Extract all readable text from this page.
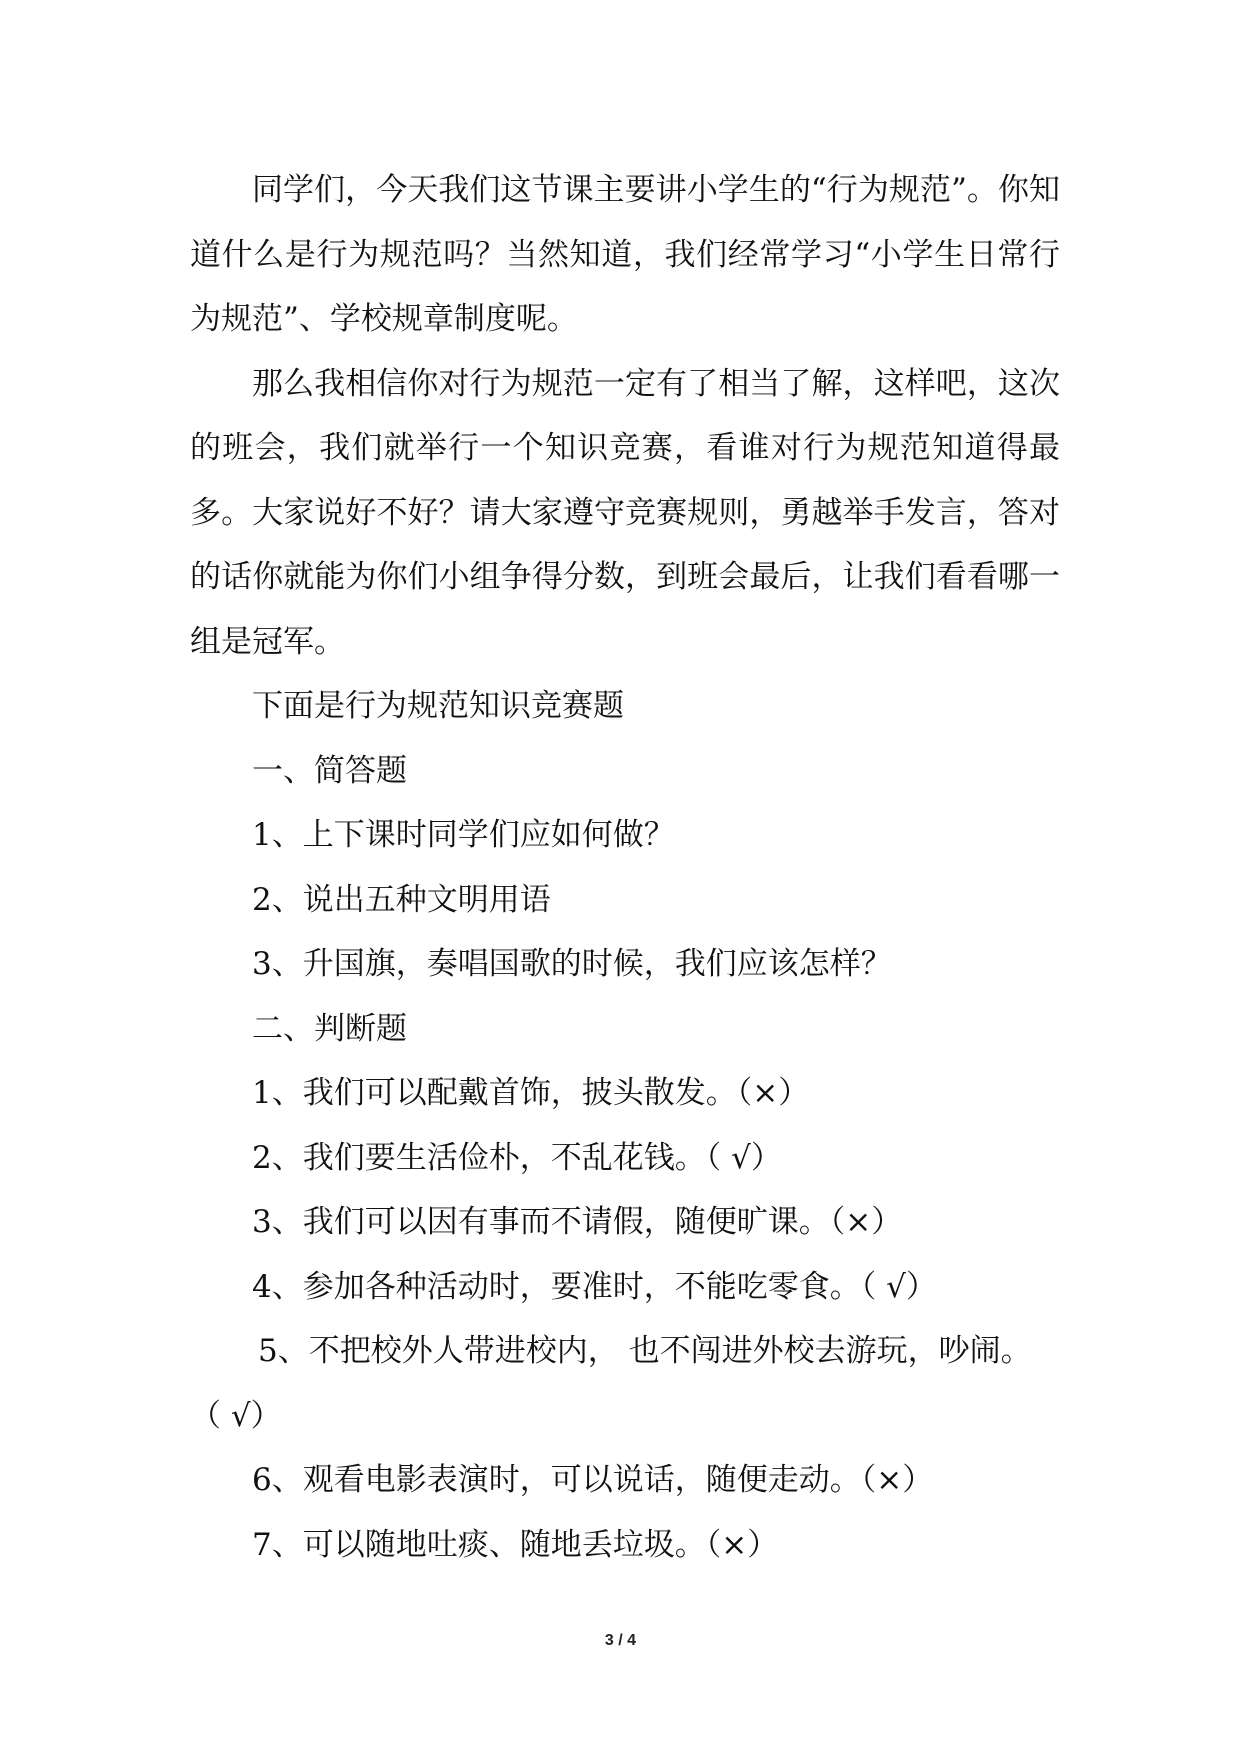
同学们，今天我们这节课主要讲小学生的“行为规范”。你知道什么是行为规范吗？当然知道，我们经常学习“小学生日常行为规范”、学校规章制度呢。

那么我相信你对行为规范一定有了相当了解，这样吧，这次的班会，我们就举行一个知识竞赛，看谁对行为规范知道得最多。大家说好不好？请大家遵守竞赛规则，勇越举手发言，答对的话你就能为你们小组争得分数，到班会最后，让我们看看哪一组是冠军。

下面是行为规范知识竞赛题

一、简答题

1、上下课时同学们应如何做？

2、说出五种文明用语

3、升国旗，奏唱国歌的时候，我们应该怎样？

二、判断题

1、我们可以配戴首饰，披头散发。（×）

2、我们要生活俭朴，不乱花钱。（ √）

3、我们可以因有事而不请假，随便旷课。（×）

4、参加各种活动时，要准时，不能吃零食。（ √）

5、不把校外人带进校内， 也不闯进外校去游玩，吵闹。
（ √）

6、观看电影表演时，可以说话，随便走动。（×）

7、可以随地吐痰、随地丢垃圾。（×）

3 / 4
